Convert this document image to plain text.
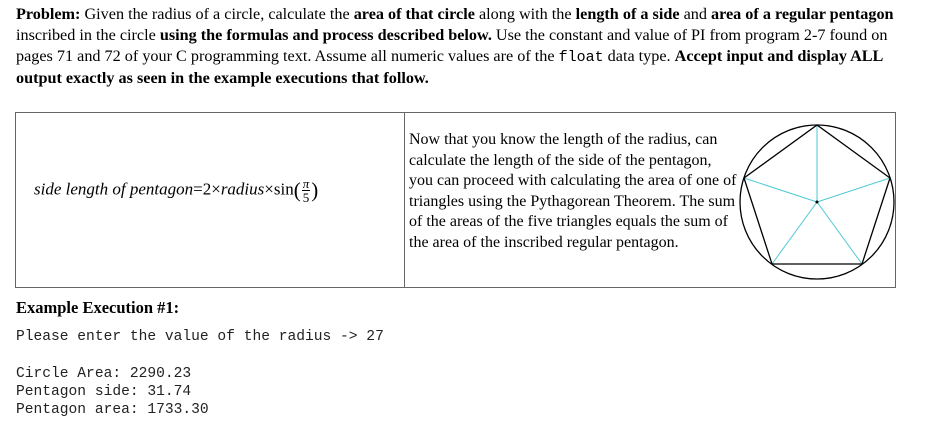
Problem: Given the radius of a circle, calculate the area of that circle along with the length of a side and area of a regular pentagon inscribed in the circle using the formulas and process described below. Use the constant and value of PI from program 2-7 found on pages 71 and 72 of your C programming text. Assume all numeric values are of the float data type. Accept input and display ALL output exactly as seen in the example executions that follow.
side length of pentagon=2×radius×sin( $\frac{\pi}{5}$ )
Now that you know the length of the radius, can calculate the length of the side of the pentagon, you can proceed with calculating the area of one of triangles using the Pythagorean Theorem. The sum of the areas of the five triangles equals the sum of the area of the inscribed regular pentagon.
Example Execution #1:
Please enter the value of the radius -> 27
Circle Area: 2290.23
Pentagon side: 31.74
Pentagon area: 1733.30
